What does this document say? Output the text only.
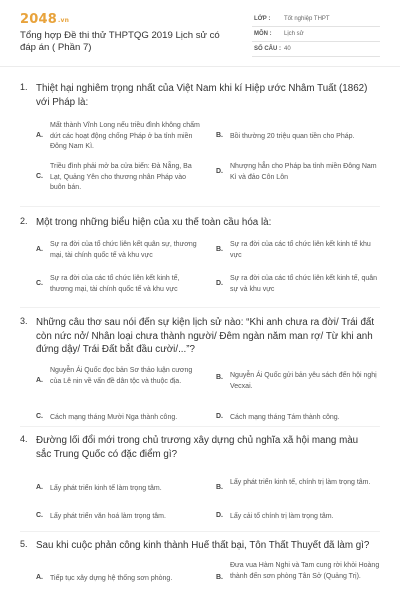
2048.vn
Tổng hợp Đề thi thử THPTQG 2019 Lịch sử có đáp án ( Phần 7)
LỚP : Tốt nghiệp THPT
MÔN : Lịch sử
SỐ CÂU : 40
1. Thiệt hại nghiêm trọng nhất của Việt Nam khi kí Hiệp ước Nhâm Tuất (1862) với Pháp là:
A.
Mất thành Vĩnh Long nếu triều đình không chấm dứt các hoạt động chống Pháp ở ba tỉnh miền Đông Nam Kì.
B. Bồi thường 20 triệu quan tiền cho Pháp.
C.
Triều đình phải mở ba cửa biển: Đà Nẵng, Ba Lạt, Quảng Yên cho thương nhân Pháp vào buôn bán.
D.
Nhượng hẳn cho Pháp ba tỉnh miền Đông Nam Kì và đảo Côn Lôn
2. Một trong những biểu hiện của xu thế toàn cầu hóa là:
A.
Sự ra đời của tổ chức liên kết quân sự, thương mại, tài chính quốc tế và khu vực
B.
Sự ra đời của các tổ chức liên kết kinh tế khu vực
C.
Sự ra đời của các tổ chức liên kết kinh tế, thương mại, tài chính quốc tế và khu vực
D.
Sự ra đời của các tổ chức liên kết kinh tế, quân sự và khu vực
3. Những câu thơ sau nói đến sự kiện lịch sử nào: “Khi anh chưa ra đời/ Trái đất còn nức nở/ Nhân loại chưa thành người/ Đêm ngàn năm man rợ/ Từ khi anh đứng dậy/ Trái Đất bắt đầu cười/...”?
A.
Nguyễn Ái Quốc đọc bản Sơ thảo luận cương của Lê nin về vấn đề dân tộc và thuộc địa.	B. Nguyễn Ái Quốc gửi bản yêu sách đến hội nghị Vecxai.
C. Cách mạng tháng Mười Nga thành công.	D. Cách mạng tháng Tám thành công.
4. Đường lối đổi mới trong chủ trương xây dựng chủ nghĩa xã hội mang màu sắc Trung Quốc có đặc điểm gì?
A. Lấy phát triển kinh tế làm trọng tâm.	B.
Lấy phát triển kinh tế, chính trị làm trọng tâm.
C. Lấy phát triển văn hoá làm trọng tâm.	D. Lấy cải tổ chính trị làm trọng tâm.
5. Sau khi cuộc phản công kinh thành Huế thất bại, Tôn Thất Thuyết đã làm gì?
A. Tiếp tục xây dựng hệ thống sơn phòng.	B.
Đưa vua Hàm Nghi và Tam cung rời khỏi Hoàng thành đến sơn phòng Tân Sở (Quảng Trị).
